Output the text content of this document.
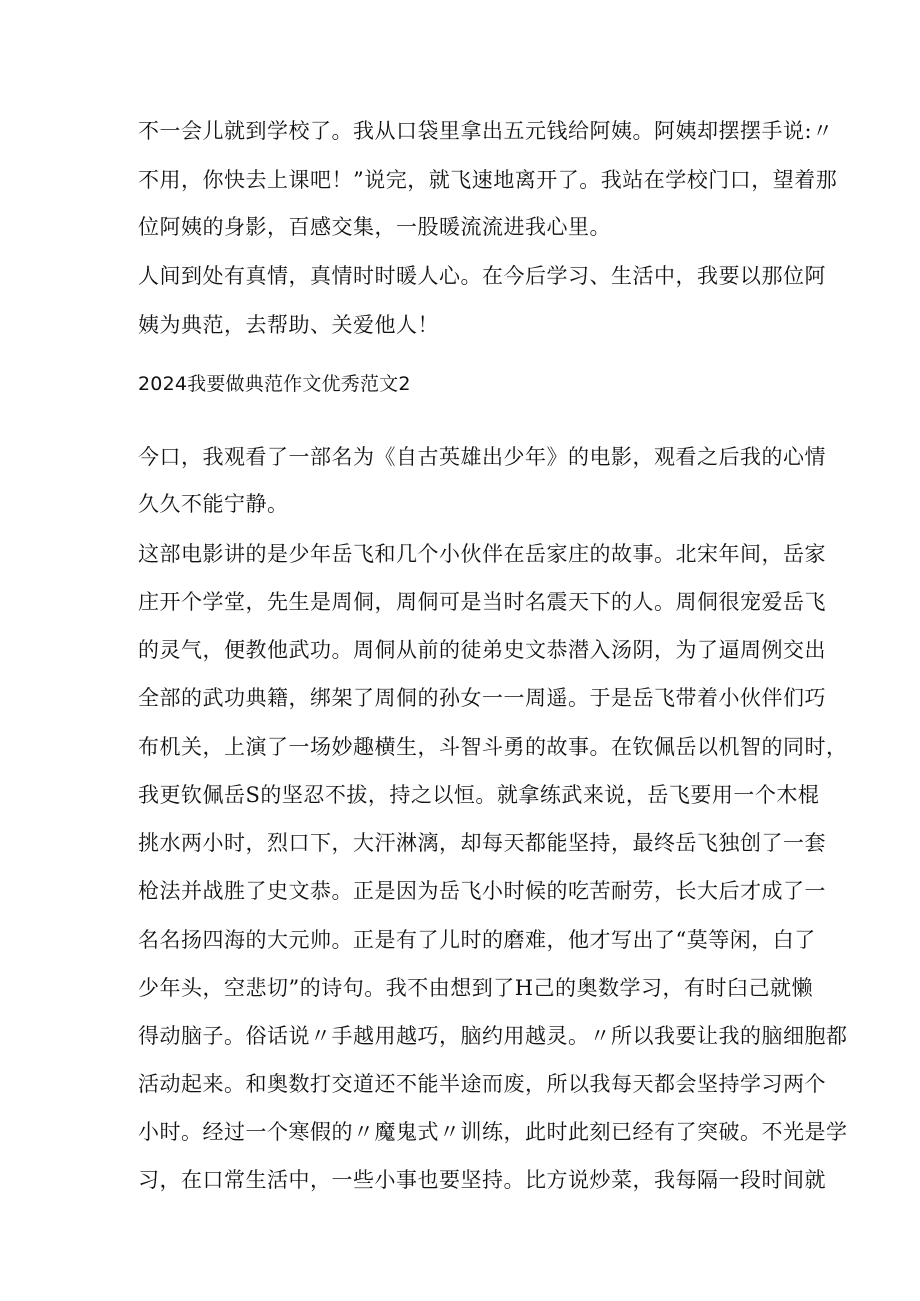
不一会儿就到学校了。我从口袋里拿出五元钱给阿姨。阿姨却摆摆手说:〃
不用，你快去上课吧！”说完，就飞速地离开了。我站在学校门口，望着那
位阿姨的身影，百感交集，一股暖流流进我心里。
人间到处有真情，真情时时暖人心。在今后学习、生活中，我要以那位阿
姨为典范，去帮助、关爱他人！
2024我要做典范作文优秀范文2
今口，我观看了一部名为《自古英雄出少年》的电影，观看之后我的心情
久久不能宁静。
这部电影讲的是少年岳飞和几个小伙伴在岳家庄的故事。北宋年间，岳家
庄开个学堂，先生是周侗，周侗可是当时名震天下的人。周侗很宠爱岳飞
的灵气，便教他武功。周侗从前的徒弟史文恭潜入汤阴，为了逼周例交出
全部的武功典籍，绑架了周侗的孙女一一周遥。于是岳飞带着小伙伴们巧
布机关，上演了一场妙趣横生，斗智斗勇的故事。在钦佩岳以机智的同时，
我更钦佩岳S的坚忍不拔，持之以恒。就拿练武来说，岳飞要用一个木棍
挑水两小时，烈口下，大汗淋漓，却每天都能坚持，最终岳飞独创了一套
枪法并战胜了史文恭。正是因为岳飞小时候的吃苦耐劳，长大后才成了一
名名扬四海的大元帅。正是有了儿时的磨难，他才写出了“莫等闲，白了
少年头，空悲切”的诗句。我不由想到了H己的奥数学习，有时臼己就懒
得动脑子。俗话说〃手越用越巧，脑约用越灵。〃所以我要让我的脑细胞都
活动起来。和奥数打交道还不能半途而废，所以我每天都会坚持学习两个
小时。经过一个寒假的〃魔鬼式〃训练，此时此刻已经有了突破。不光是学
习，在口常生活中，一些小事也要坚持。比方说炒菜，我每隔一段时间就
